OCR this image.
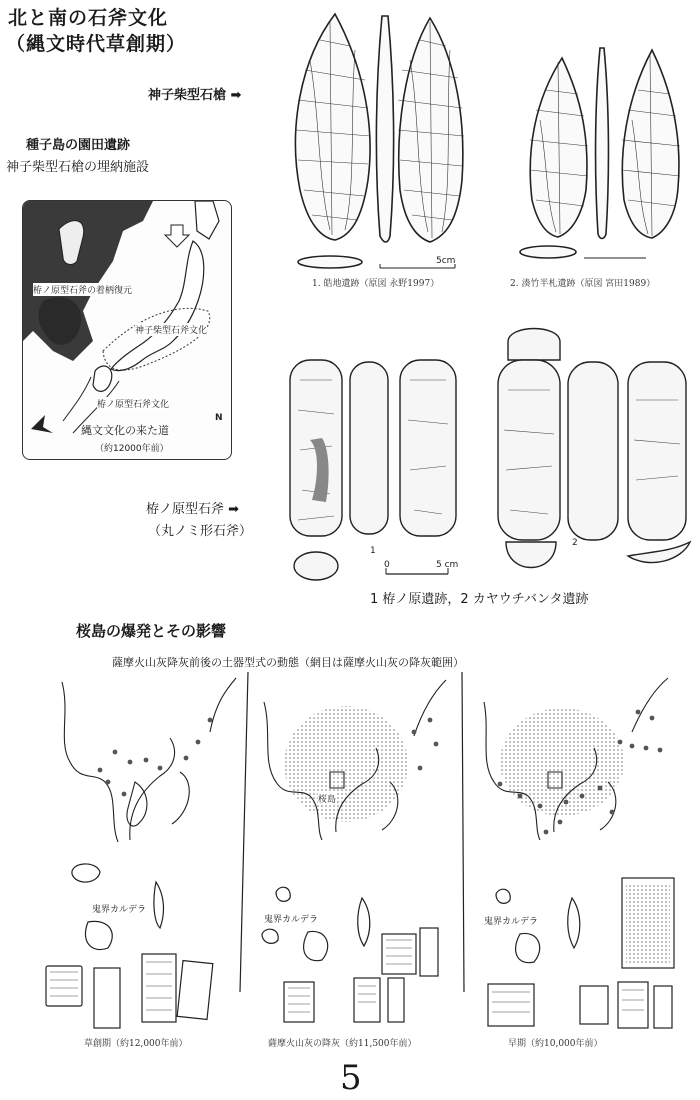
北と南の石斧文化
（縄文時代草創期）
神子柴型石槍 ➡
5cm
1. 皓地遺跡（原図 永野1997）	2. 湊竹半札遺跡（原図 宮田1989）
種子島の園田遺跡
神子柴型石槍の埋納施設
栫ノ原型石斧の着柄復元
神子柴型石斧文化
栫ノ原型石斧文化
縄文文化の来た道
（約12000年前）
N
栫ノ原型石斧 ➡
（丸ノミ形石斧）
0	5 cm
1
2
1 栫ノ原遺跡，2 カヤウチバンタ遺跡
桜島の爆発とその影響
薩摩火山灰降灰前後の土器型式の動態（網目は薩摩火山灰の降灰範囲）
桜島
鬼界カルデラ
鬼界カルデラ	鬼界カルデラ
草創期（約12,000年前）	薩摩火山灰の降灰（約11,500年前）	早期（約10,000年前）
5
